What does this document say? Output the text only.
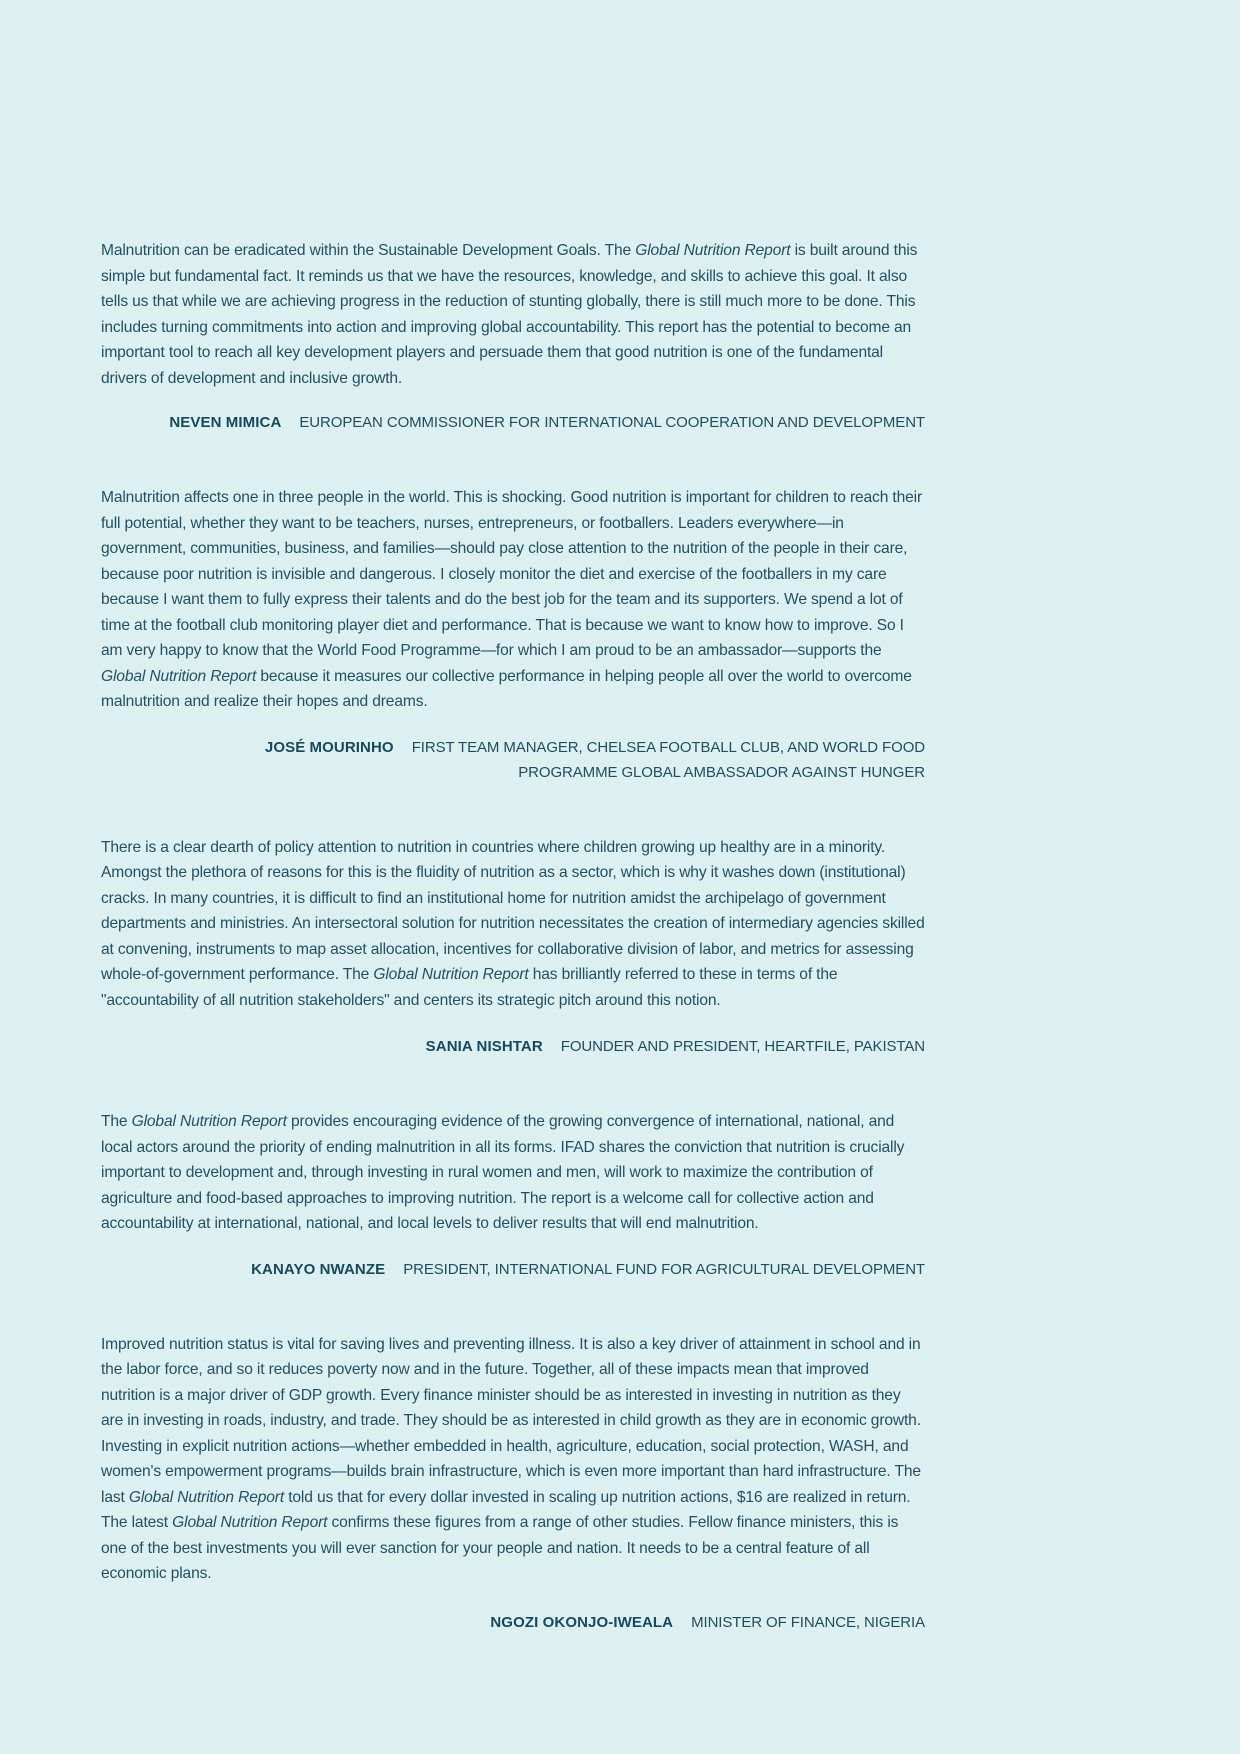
Malnutrition can be eradicated within the Sustainable Development Goals. The Global Nutrition Report is built around this simple but fundamental fact. It reminds us that we have the resources, knowledge, and skills to achieve this goal. It also tells us that while we are achieving progress in the reduction of stunting globally, there is still much more to be done. This includes turning commitments into action and improving global accountability. This report has the potential to become an important tool to reach all key development players and persuade them that good nutrition is one of the fundamental drivers of development and inclusive growth.

NEVEN MIMICA EUROPEAN COMMISSIONER FOR INTERNATIONAL COOPERATION AND DEVELOPMENT

Malnutrition affects one in three people in the world. This is shocking. Good nutrition is important for children to reach their full potential, whether they want to be teachers, nurses, entrepreneurs, or footballers. Leaders everywhere—in government, communities, business, and families—should pay close attention to the nutrition of the people in their care, because poor nutrition is invisible and dangerous. I closely monitor the diet and exercise of the footballers in my care because I want them to fully express their talents and do the best job for the team and its supporters. We spend a lot of time at the football club monitoring player diet and performance. That is because we want to know how to improve. So I am very happy to know that the World Food Programme—for which I am proud to be an ambassador—supports the Global Nutrition Report because it measures our collective performance in helping people all over the world to overcome malnutrition and realize their hopes and dreams.

JOSÉ MOURINHO FIRST TEAM MANAGER, CHELSEA FOOTBALL CLUB, AND WORLD FOOD PROGRAMME GLOBAL AMBASSADOR AGAINST HUNGER

There is a clear dearth of policy attention to nutrition in countries where children growing up healthy are in a minority. Amongst the plethora of reasons for this is the fluidity of nutrition as a sector, which is why it washes down (institutional) cracks. In many countries, it is difficult to find an institutional home for nutrition amidst the archipelago of government departments and ministries. An intersectoral solution for nutrition necessitates the creation of intermediary agencies skilled at convening, instruments to map asset allocation, incentives for collaborative division of labor, and metrics for assessing whole-of-government performance. The Global Nutrition Report has brilliantly referred to these in terms of the "accountability of all nutrition stakeholders" and centers its strategic pitch around this notion.

SANIA NISHTAR FOUNDER AND PRESIDENT, HEARTFILE, PAKISTAN

The Global Nutrition Report provides encouraging evidence of the growing convergence of international, national, and local actors around the priority of ending malnutrition in all its forms. IFAD shares the conviction that nutrition is crucially important to development and, through investing in rural women and men, will work to maximize the contribution of agriculture and food-based approaches to improving nutrition. The report is a welcome call for collective action and accountability at international, national, and local levels to deliver results that will end malnutrition.

KANAYO NWANZE PRESIDENT, INTERNATIONAL FUND FOR AGRICULTURAL DEVELOPMENT

Improved nutrition status is vital for saving lives and preventing illness. It is also a key driver of attainment in school and in the labor force, and so it reduces poverty now and in the future. Together, all of these impacts mean that improved nutrition is a major driver of GDP growth. Every finance minister should be as interested in investing in nutrition as they are in investing in roads, industry, and trade. They should be as interested in child growth as they are in economic growth. Investing in explicit nutrition actions—whether embedded in health, agriculture, education, social protection, WASH, and women's empowerment programs—builds brain infrastructure, which is even more important than hard infrastructure. The last Global Nutrition Report told us that for every dollar invested in scaling up nutrition actions, $16 are realized in return. The latest Global Nutrition Report confirms these figures from a range of other studies. Fellow finance ministers, this is one of the best investments you will ever sanction for your people and nation. It needs to be a central feature of all economic plans.

NGOZI OKONJO-IWEALA MINISTER OF FINANCE, NIGERIA
